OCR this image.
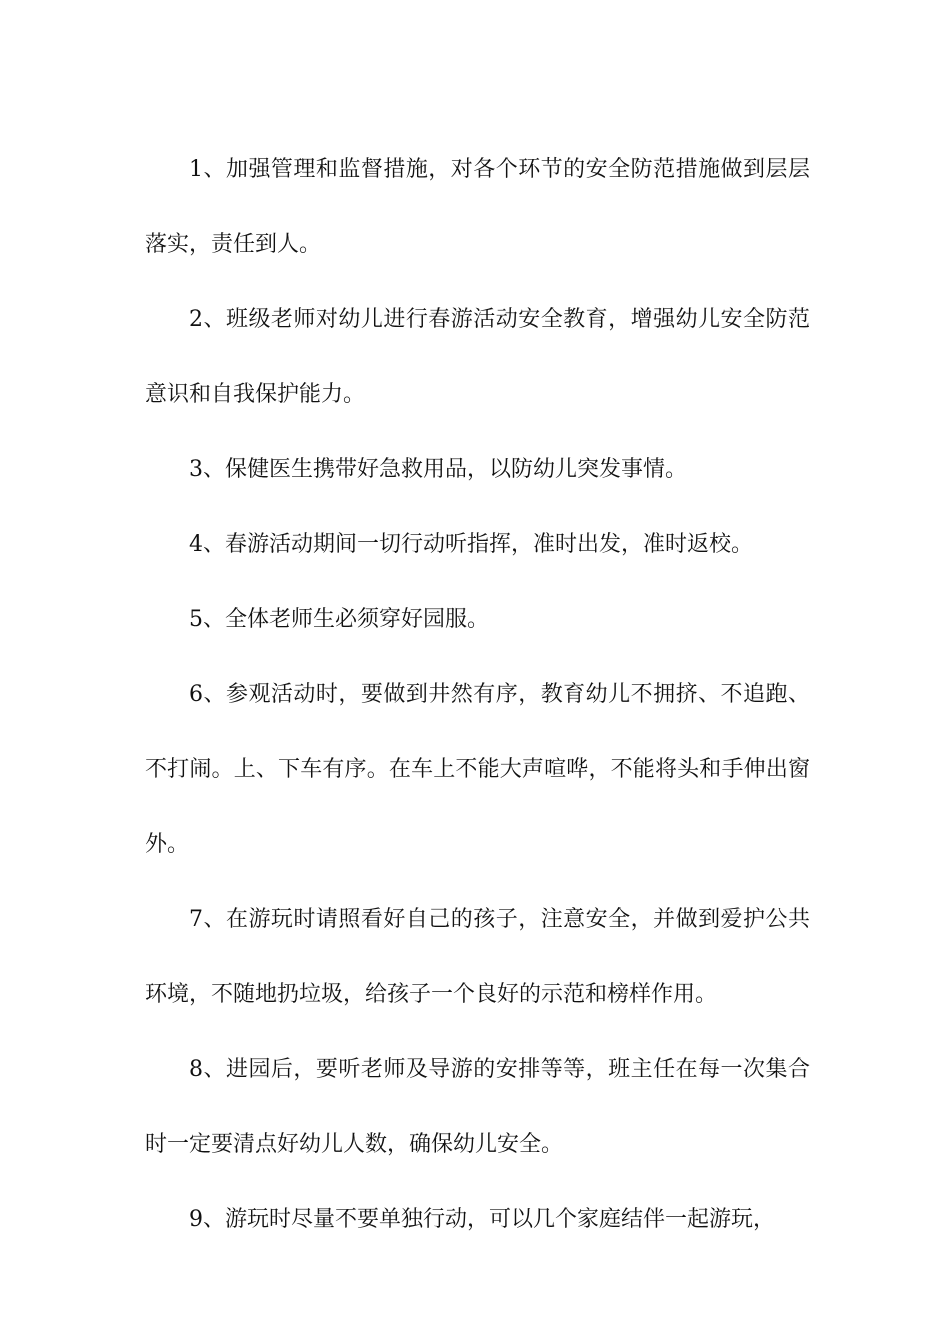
1、加强管理和监督措施，对各个环节的安全防范措施做到层层落实，责任到人。

2、班级老师对幼儿进行春游活动安全教育，增强幼儿安全防范意识和自我保护能力。

3、保健医生携带好急救用品，以防幼儿突发事情。

4、春游活动期间一切行动听指挥，准时出发，准时返校。

5、全体老师生必须穿好园服。

6、参观活动时，要做到井然有序，教育幼儿不拥挤、不追跑、不打闹。上、下车有序。在车上不能大声喧哗，不能将头和手伸出窗外。

7、在游玩时请照看好自己的孩子，注意安全，并做到爱护公共环境，不随地扔垃圾，给孩子一个良好的示范和榜样作用。

8、进园后，要听老师及导游的安排等等，班主任在每一次集合时一定要清点好幼儿人数，确保幼儿安全。

9、游玩时尽量不要单独行动，可以几个家庭结伴一起游玩，
